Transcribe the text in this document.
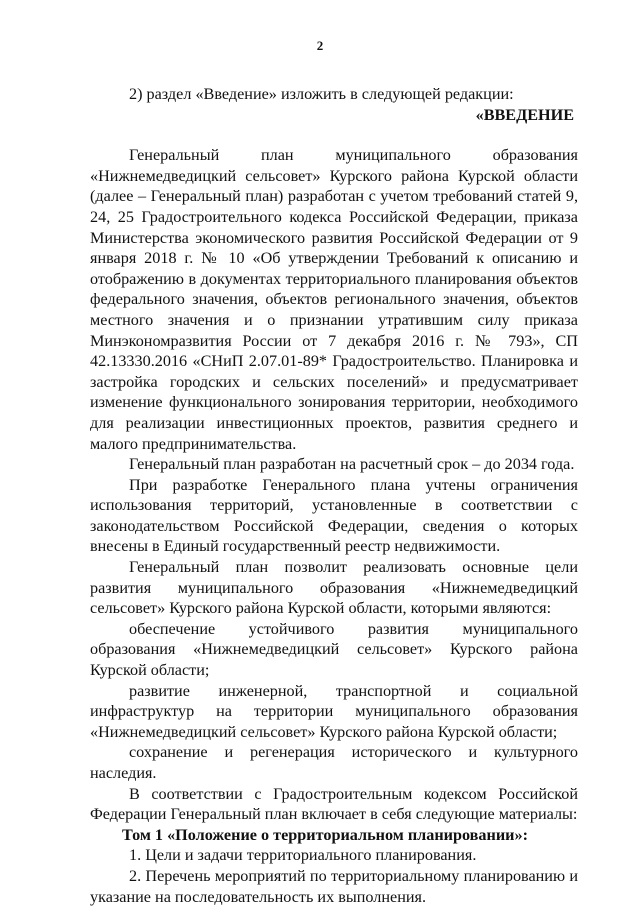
2

2) раздел «Введение» изложить в следующей редакции:

«ВВЕДЕНИЕ

Генеральный план муниципального образования «Нижнемедведицкий сельсовет» Курского района Курской области (далее – Генеральный план) разработан с учетом требований статей 9, 24, 25 Градостроительного кодекса Российской Федерации, приказа Министерства экономического развития Российской Федерации от 9 января 2018 г. № 10 «Об утверждении Требований к описанию и отображению в документах территориального планирования объектов федерального значения, объектов регионального значения, объектов местного значения и о признании утратившим силу приказа Минэкономразвития России от 7 декабря 2016 г. № 793», СП 42.13330.2016 «СНиП 2.07.01-89* Градостроительство. Планировка и застройка городских и сельских поселений» и предусматривает изменение функционального зонирования территории, необходимого для реализации инвестиционных проектов, развития среднего и малого предпринимательства.

Генеральный план разработан на расчетный срок – до 2034 года.

При разработке Генерального плана учтены ограничения использования территорий, установленные в соответствии с законодательством Российской Федерации, сведения о которых внесены в Единый государственный реестр недвижимости.

Генеральный план позволит реализовать основные цели развития муниципального образования «Нижнемедведицкий сельсовет» Курского района Курской области, которыми являются:

обеспечение устойчивого развития муниципального образования «Нижнемедведицкий сельсовет» Курского района Курской области;

развитие инженерной, транспортной и социальной инфраструктур на территории муниципального образования «Нижнемедведицкий сельсовет» Курского района Курской области;

сохранение и регенерация исторического и культурного наследия.

В соответствии с Градостроительным кодексом Российской Федерации Генеральный план включает в себя следующие материалы:

Том 1 «Положение о территориальном планировании»:

1. Цели и задачи территориального планирования.

2. Перечень мероприятий по территориальному планированию и указание на последовательность их выполнения.
